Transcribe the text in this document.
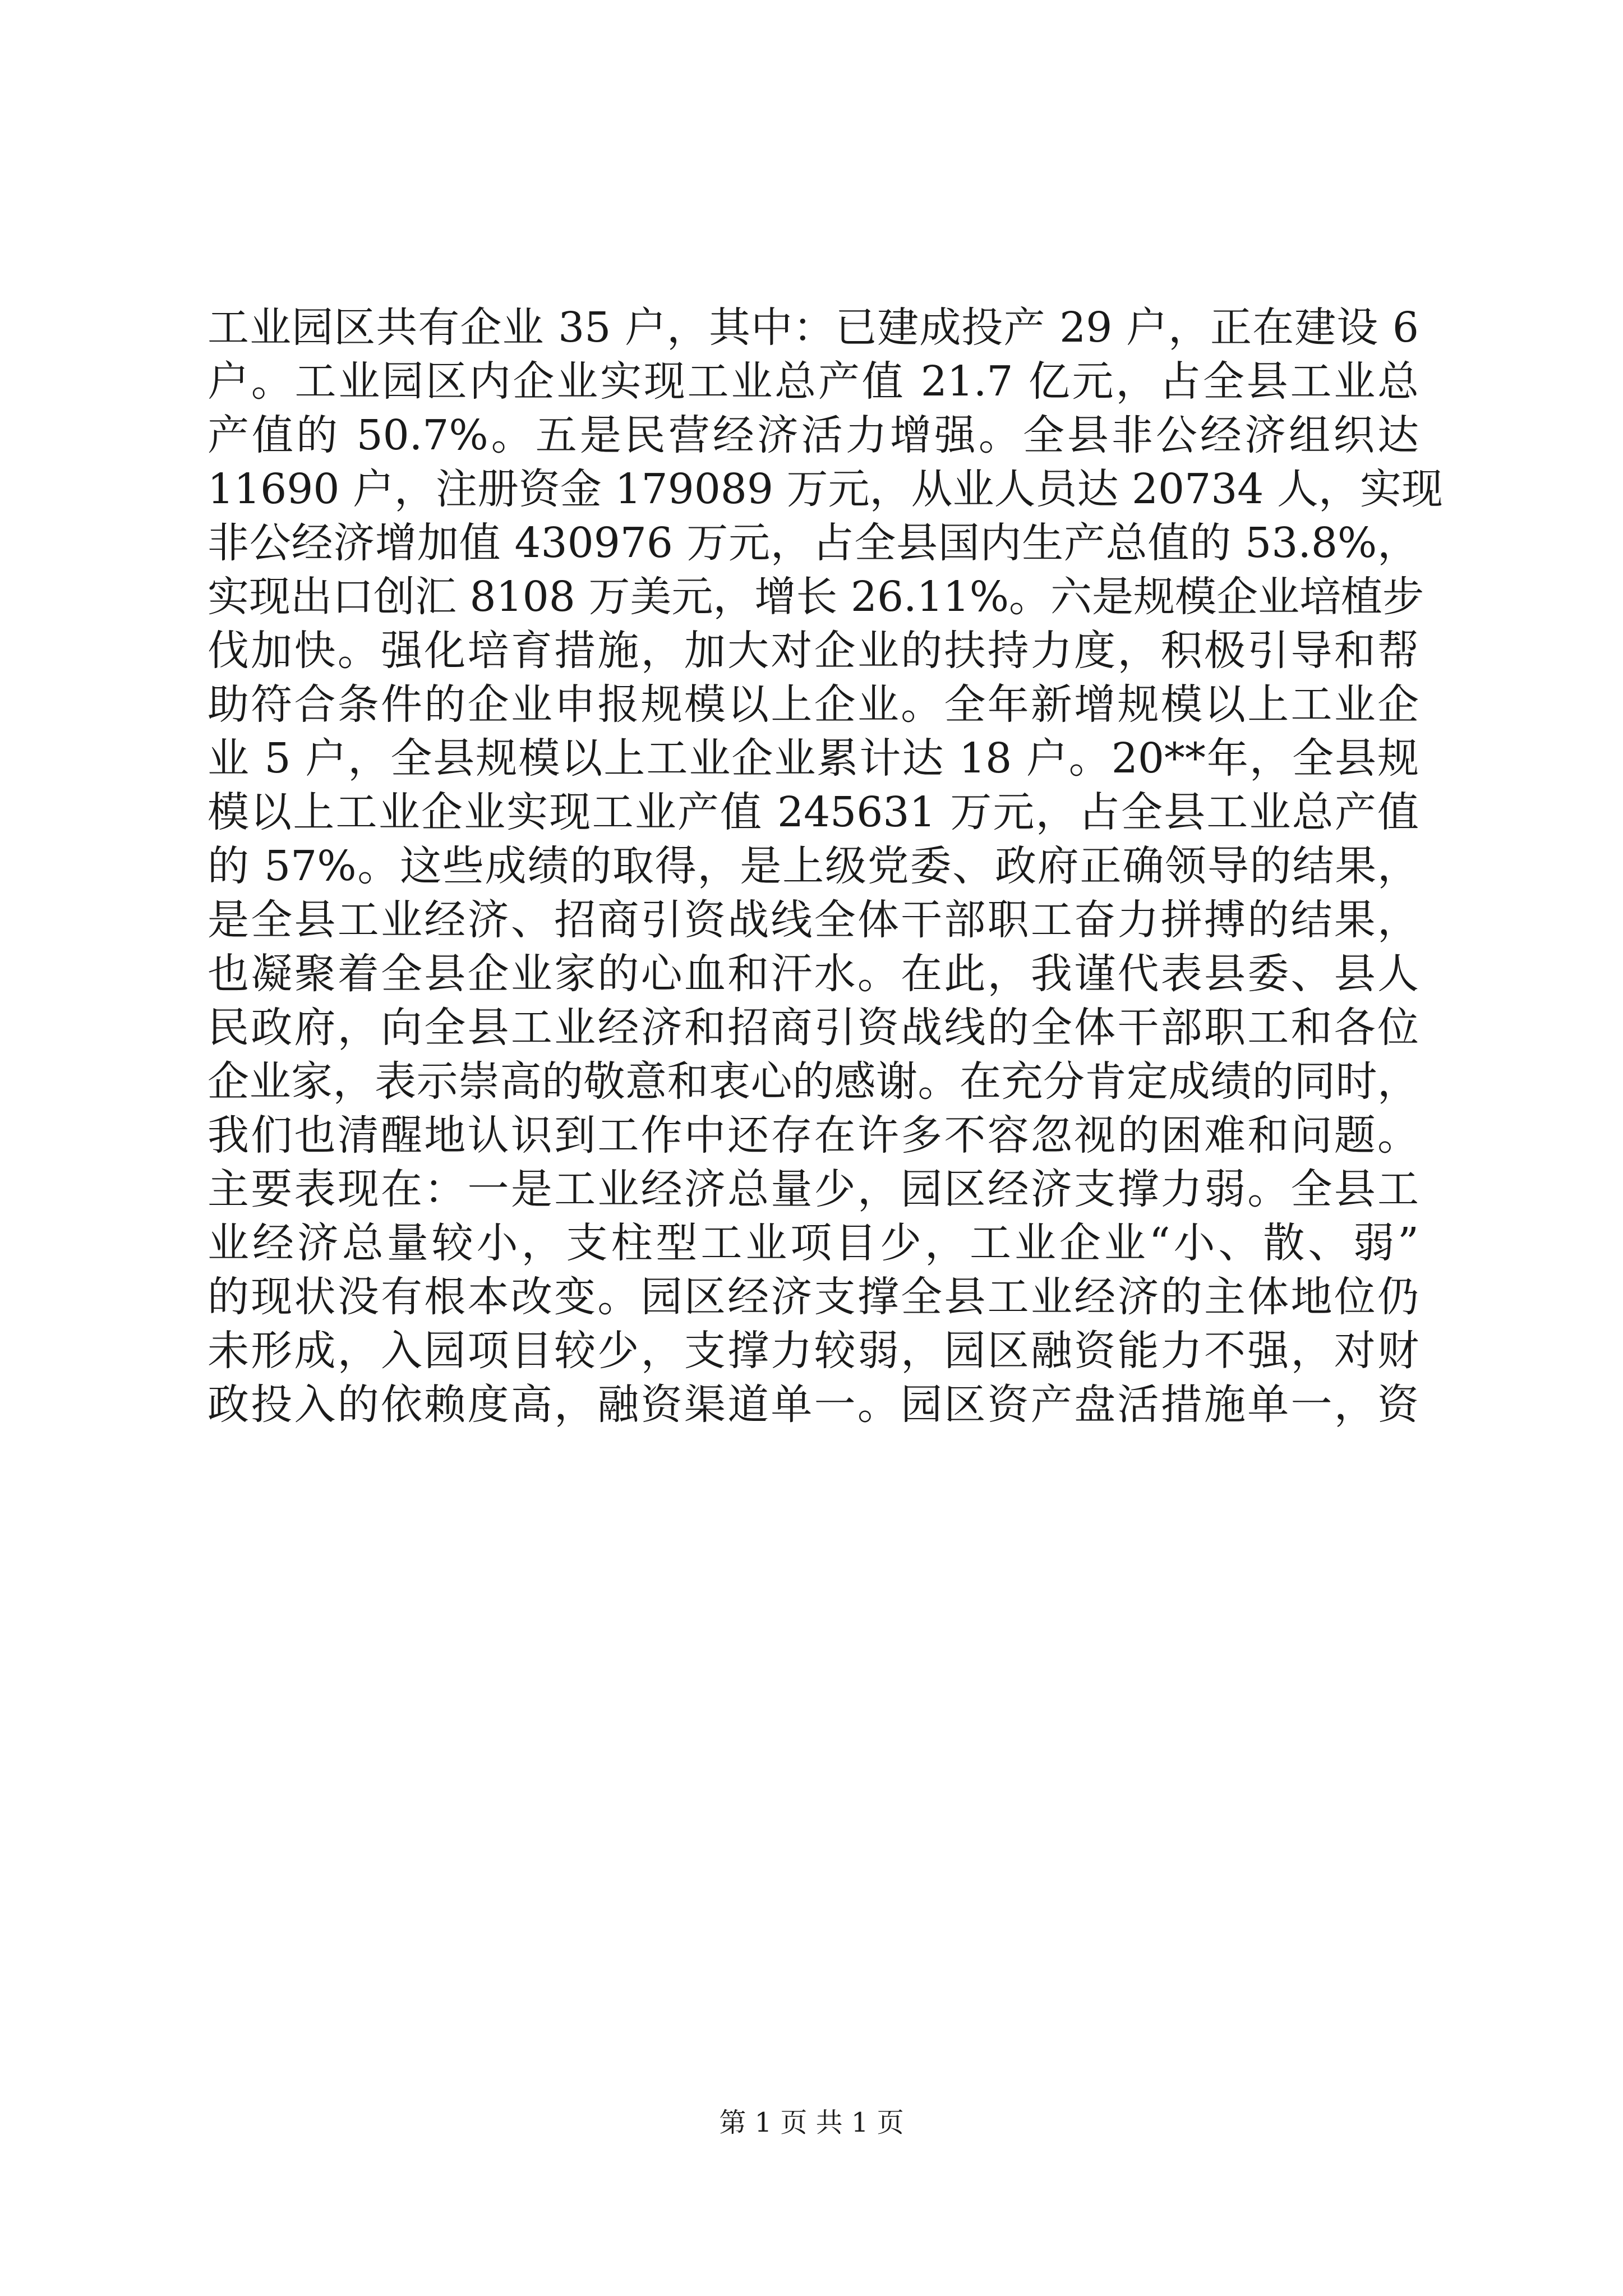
工业园区共有企业 35 户，其中：已建成投产 29 户，正在建设 6
户。工业园区内企业实现工业总产值 21.7 亿元，占全县工业总
产值的 50.7%。五是民营经济活力增强。全县非公经济组织达
11690 户，注册资金 179089 万元，从业人员达 20734 人，实现
非公经济增加值 430976 万元，占全县国内生产总值的 53.8%，
实现出口创汇 8108 万美元，增长 26.11%。六是规模企业培植步
伐加快。强化培育措施，加大对企业的扶持力度，积极引导和帮
助符合条件的企业申报规模以上企业。全年新增规模以上工业企
业 5 户，全县规模以上工业企业累计达 18 户。20**年，全县规
模以上工业企业实现工业产值 245631 万元，占全县工业总产值
的 57%。这些成绩的取得，是上级党委、政府正确领导的结果，
是全县工业经济、招商引资战线全体干部职工奋力拼搏的结果，
也凝聚着全县企业家的心血和汗水。在此，我谨代表县委、县人
民政府，向全县工业经济和招商引资战线的全体干部职工和各位
企业家，表示崇高的敬意和衷心的感谢。在充分肯定成绩的同时，
我们也清醒地认识到工作中还存在许多不容忽视的困难和问题。
主要表现在：一是工业经济总量少，园区经济支撑力弱。全县工
业经济总量较小，支柱型工业项目少，工业企业“小、散、弱”
的现状没有根本改变。园区经济支撑全县工业经济的主体地位仍
未形成，入园项目较少，支撑力较弱，园区融资能力不强，对财
政投入的依赖度高，融资渠道单一。园区资产盘活措施单一，资
第 1 页 共 1 页
